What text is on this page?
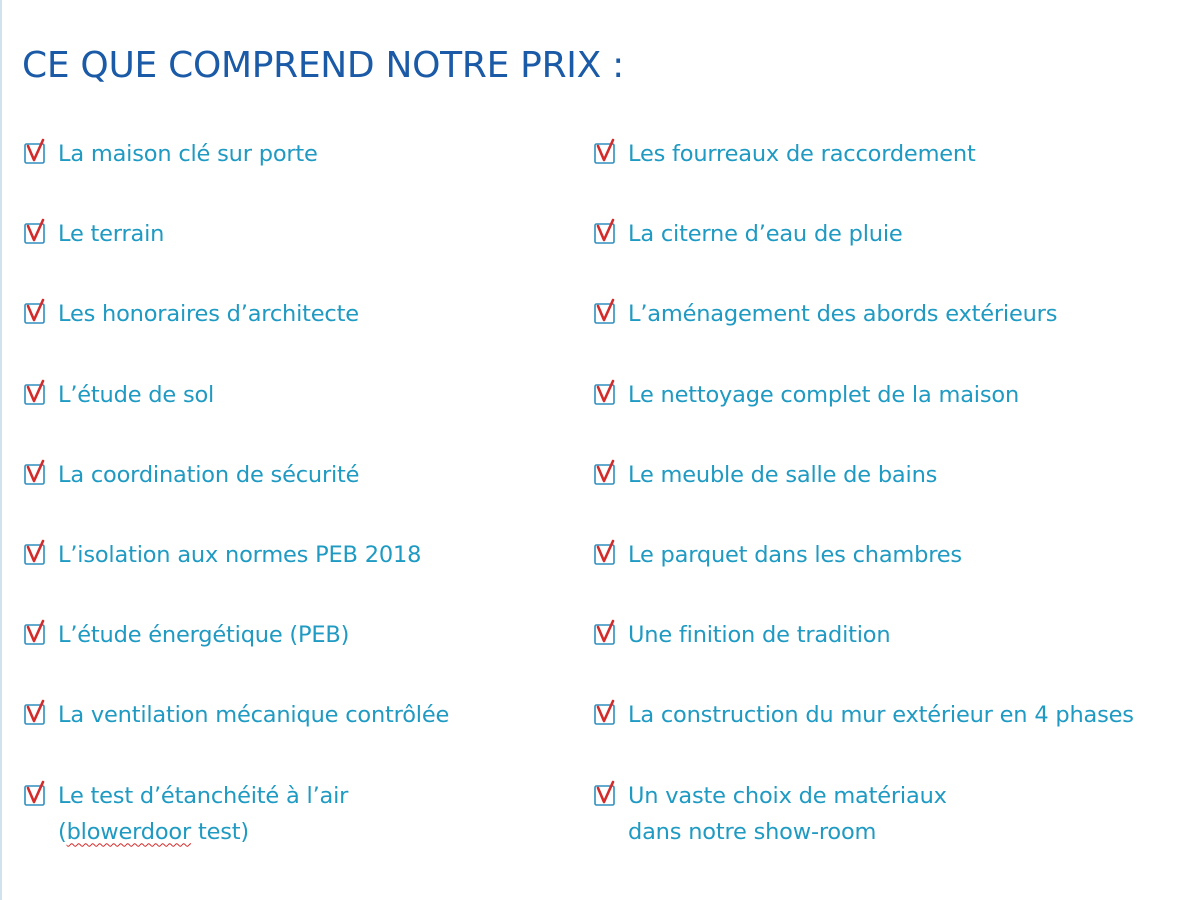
CE QUE COMPREND NOTRE PRIX :
La maison clé sur porte
Le terrain
Les honoraires d’architecte
L’étude de sol
La coordination de sécurité
L’isolation aux normes PEB 2018
L’étude énergétique (PEB)
La ventilation mécanique contrôlée
Le test d’étanchéité à l’air
(blowerdoor test)
Les fourreaux de raccordement
La citerne d’eau de pluie
L’aménagement des abords extérieurs
Le nettoyage complet de la maison
Le meuble de salle de bains
Le parquet dans les chambres
Une finition de tradition
La construction du mur extérieur en 4 phases
Un vaste choix de matériaux
dans notre show-room
